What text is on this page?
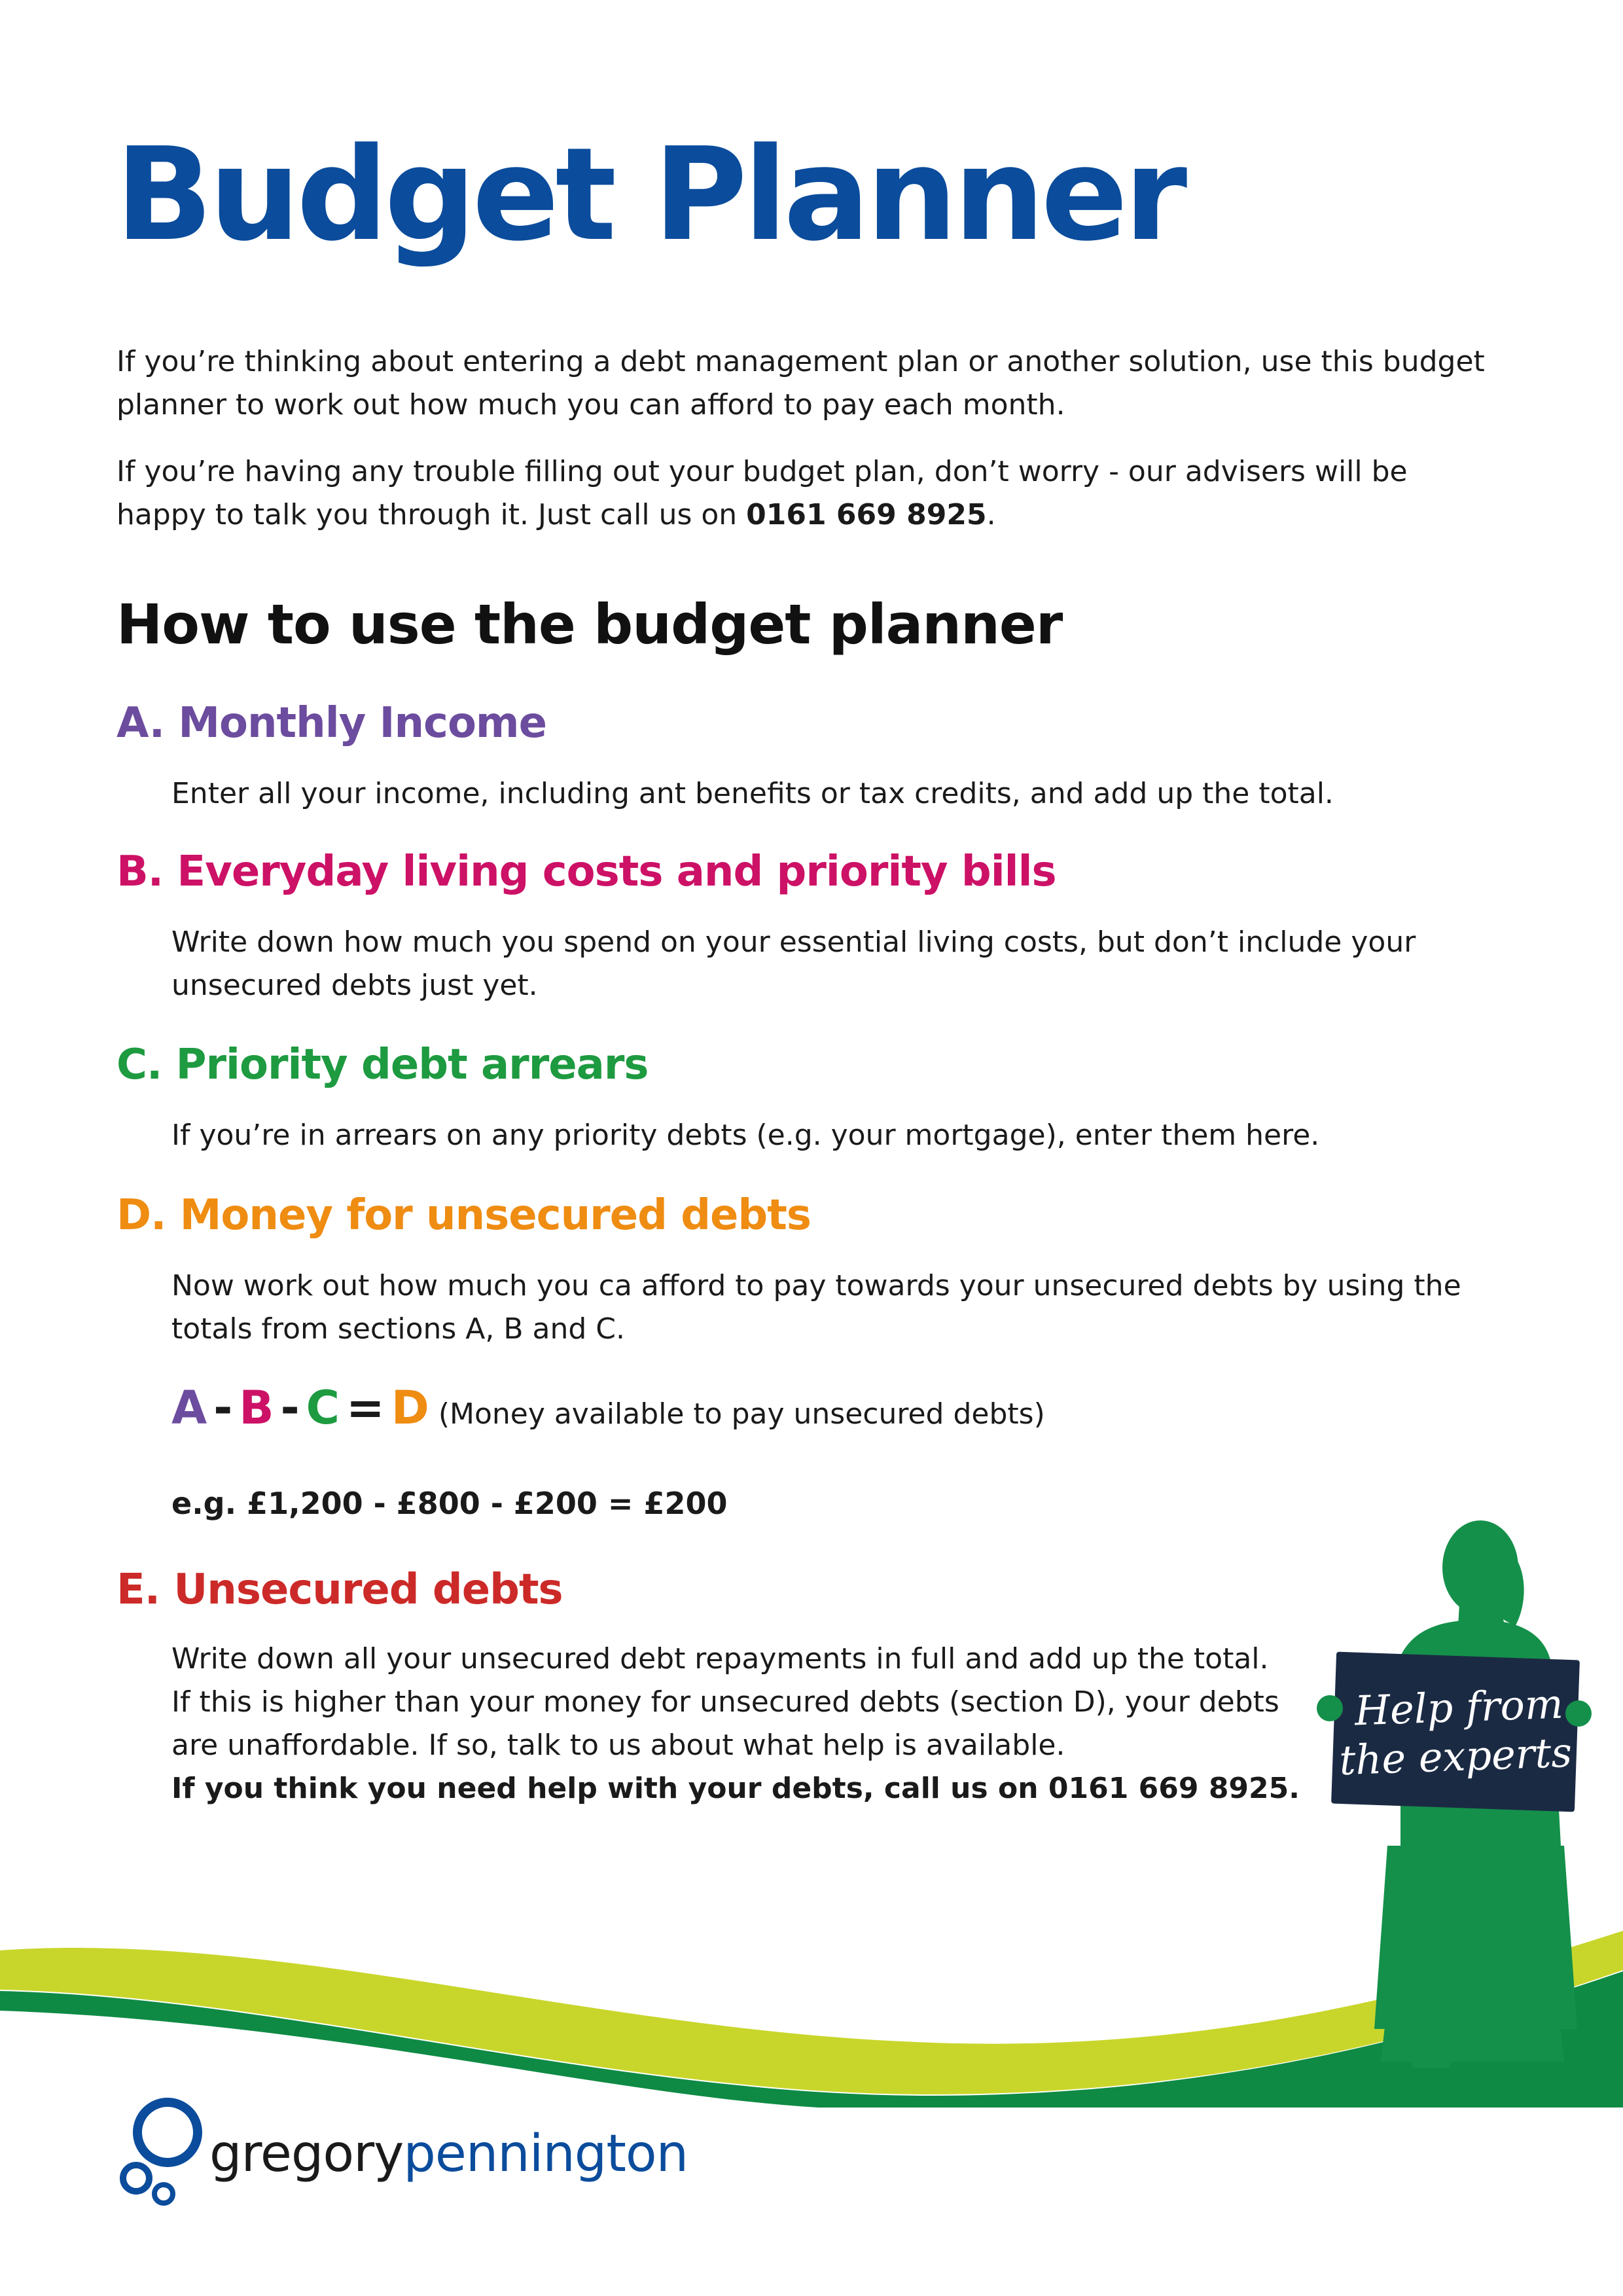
Budget Planner

If you’re thinking about entering a debt management plan or another solution, use this budget planner to work out how much you can afford to pay each month.

If you’re having any trouble filling out your budget plan, don’t worry - our advisers will be happy to talk you through it. Just call us on 0161 669 8925.

How to use the budget planner
A. Monthly Income

Enter all your income, including ant benefits or tax credits, and add up the total.

B. Everyday living costs and priority bills

Write down how much you spend on your essential living costs, but don’t include your unsecured debts just yet.

C. Priority debt arrears

If you’re in arrears on any priority debts (e.g. your mortgage), enter them here.

D. Money for unsecured debts

Now work out how much you ca afford to pay towards your unsecured debts by using the totals from sections A, B and C.

A - B - C = D (Money available to pay unsecured debts)

e.g. £1,200 - £800 - £200 = £200

E. Unsecured debts

Write down all your unsecured debt repayments in full and add up the total.
If this is higher than your money for unsecured debts (section D), your debts
are unaffordable. If so, talk to us about what help is available.
If you think you need help with your debts, call us on 0161 669 8925.

Help from
the experts

gregorypennington
